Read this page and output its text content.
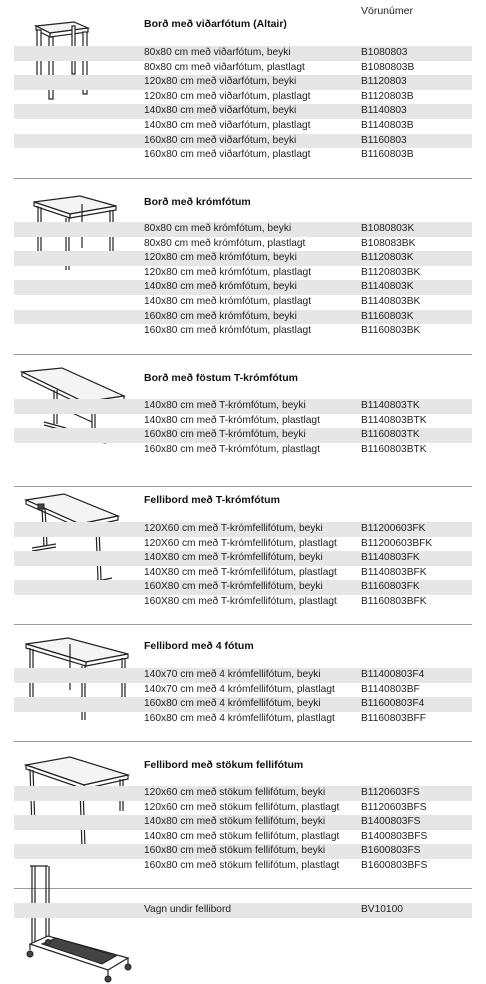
Vörunúmer
Borð með viðarfótum (Altair)
80x80 cm með viðarfótum, beyki	B1080803
80x80 cm með viðarfótum, plastlagt	B1080803B
120x80 cm með viðarfótum, beyki	B1120803
120x80 cm með viðarfótum, plastlagt	B1120803B
140x80 cm með viðarfótum, beyki	B1140803
140x80 cm með viðarfótum, plastlagt	B1140803B
160x80 cm með viðarfótum, beyki	B1160803
160x80 cm með viðarfótum, plastlagt	B1160803B
Borð með krómfótum
80x80 cm með krómfótum, beyki	B1080803K
80x80 cm með krómfótum, plastlagt	B108083BK
120x80 cm með krómfótum, beyki	B1120803K
120x80 cm með krómfótum, plastlagt	B1120803BK
140x80 cm með krómfótum, beyki	B1140803K
140x80 cm með krómfótum, plastlagt	B1140803BK
160x80 cm með krómfótum, beyki	B1160803K
160x80 cm með krómfótum, plastlagt	B1160803BK
Borð með föstum T-krómfótum
140x80 cm með T-krómfótum, beyki	B1140803TK
140x80 cm með T-krómfótum, plastlagt	B1140803BTK
160x80 cm með T-krómfótum, beyki	B1160803TK
160x80 cm með T-krómfótum, plastlagt	B1160803BTK
Fellibord með T-krómfótum
120X60 cm með T-krómfellifótum, beyki	B11200603FK
120X60 cm með T-krómfellifótum, plastlagt B11200603BFK
140X80 cm með T-krómfellifótum, beyki	B1140803FK
140X80 cm með T-krómfellifótum, plastlagt B1140803BFK
160X80 cm með T-krómfellifótum, beyki	B1160803FK
160X80 cm með T-krómfellifótum, plastlagt B1160803BFK
Fellibord með 4 fótum
140x70 cm með 4 krómfellifótum, beyki	B11400803F4
140x70 cm með 4 krómfellifótum, plastlagt	B1140803BF
160x80 cm með 4 krómfellifótum, beyki	B11600803F4
160x80 cm með 4 krómfellifótum, plastlagt	B1160803BFF
Fellibord með stökum fellifótum
120x60 cm með stökum fellifótum, beyki	B1120603FS
120x60 cm með stökum fellifótum, plastlagt B1120603BFS
140x80 cm með stökum fellifótum, beyki	B1400803FS
140x80 cm með stökum fellifótum, plastlagt B1400803BFS
160x80 cm með stökum fellifótum, beyki	B1600803FS
160x80 cm með stökum fellifótum, plastlagt B1600803BFS
Vagn undir fellibord	BV10100
